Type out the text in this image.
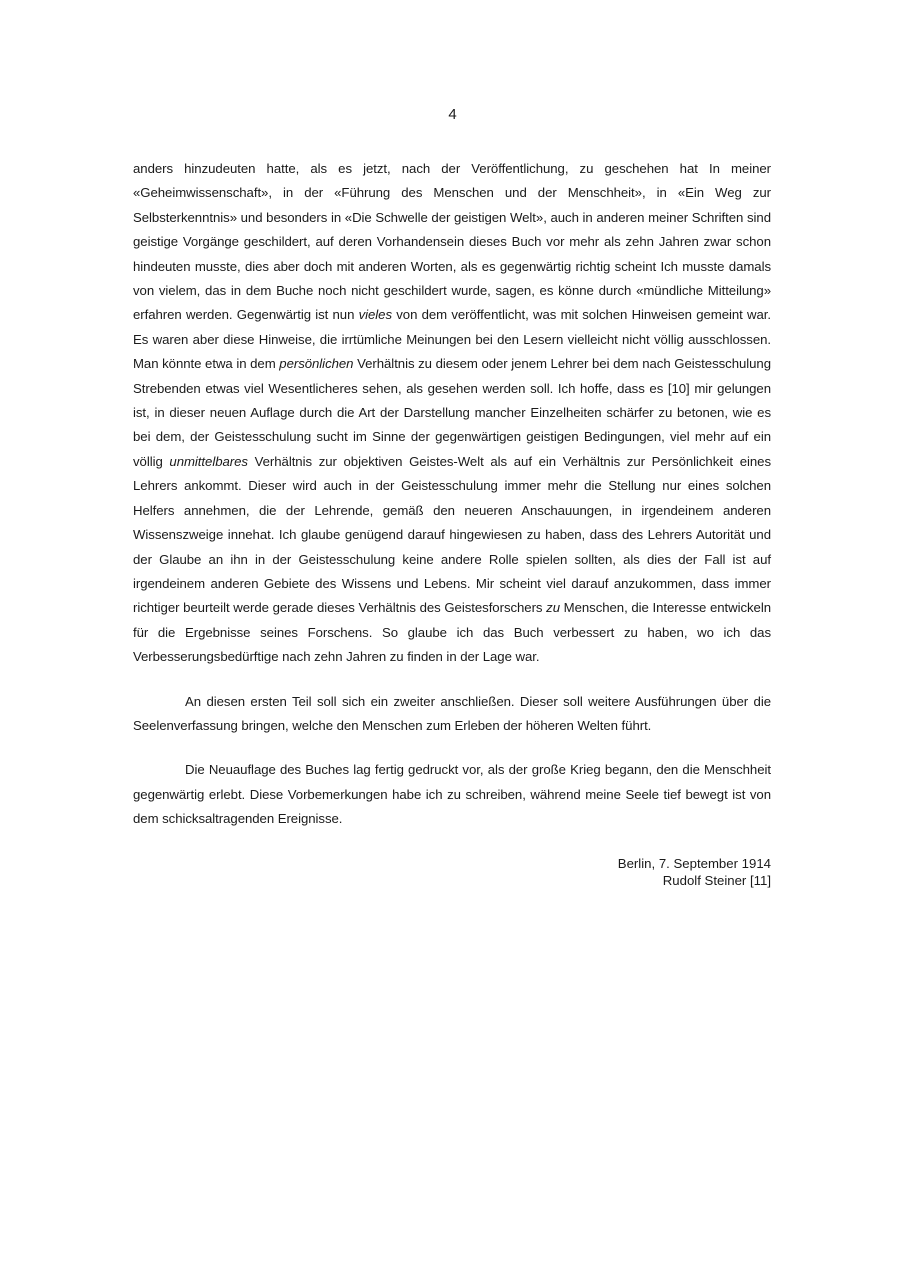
4

anders hinzudeuten hatte, als es jetzt, nach der Veröffentlichung, zu geschehen hat In meiner «Geheimwissenschaft», in der «Führung des Menschen und der Menschheit», in «Ein Weg zur Selbsterkenntnis» und besonders in «Die Schwelle der geistigen Welt», auch in anderen meiner Schriften sind geistige Vorgänge geschildert, auf deren Vorhandensein dieses Buch vor mehr als zehn Jahren zwar schon hindeuten musste, dies aber doch mit anderen Worten, als es gegenwärtig richtig scheint Ich musste damals von vielem, das in dem Buche noch nicht geschildert wurde, sagen, es könne durch «mündliche Mitteilung» erfahren werden. Gegenwärtig ist nun vieles von dem veröffentlicht, was mit solchen Hinweisen gemeint war. Es waren aber diese Hinweise, die irrtümliche Meinungen bei den Lesern vielleicht nicht völlig ausschlossen. Man könnte etwa in dem persönlichen Verhältnis zu diesem oder jenem Lehrer bei dem nach Geistesschulung Strebenden etwas viel Wesentlicheres sehen, als gesehen werden soll. Ich hoffe, dass es [10] mir gelungen ist, in dieser neuen Auflage durch die Art der Darstellung mancher Einzelheiten schärfer zu betonen, wie es bei dem, der Geistesschulung sucht im Sinne der gegenwärtigen geistigen Bedingungen, viel mehr auf ein völlig unmittelbares Verhältnis zur objektiven Geistes-Welt als auf ein Verhältnis zur Persönlichkeit eines Lehrers ankommt. Dieser wird auch in der Geistesschulung immer mehr die Stellung nur eines solchen Helfers annehmen, die der Lehrende, gemäß den neueren Anschauungen, in irgendeinem anderen Wissenszweige innehat. Ich glaube genügend darauf hingewiesen zu haben, dass des Lehrers Autorität und der Glaube an ihn in der Geistesschulung keine andere Rolle spielen sollten, als dies der Fall ist auf irgendeinem anderen Gebiete des Wissens und Lebens. Mir scheint viel darauf anzukommen, dass immer richtiger beurteilt werde gerade dieses Verhältnis des Geistesforschers zu Menschen, die Interesse entwickeln für die Ergebnisse seines Forschens. So glaube ich das Buch verbessert zu haben, wo ich das Verbesserungsbedürftige nach zehn Jahren zu finden in der Lage war.

An diesen ersten Teil soll sich ein zweiter anschließen. Dieser soll weitere Ausführungen über die Seelenverfassung bringen, welche den Menschen zum Erleben der höheren Welten führt.

Die Neuauflage des Buches lag fertig gedruckt vor, als der große Krieg begann, den die Menschheit gegenwärtig erlebt. Diese Vorbemerkungen habe ich zu schreiben, während meine Seele tief bewegt ist von dem schicksaltragenden Ereignisse.

Berlin, 7. September 1914
Rudolf Steiner [11]
